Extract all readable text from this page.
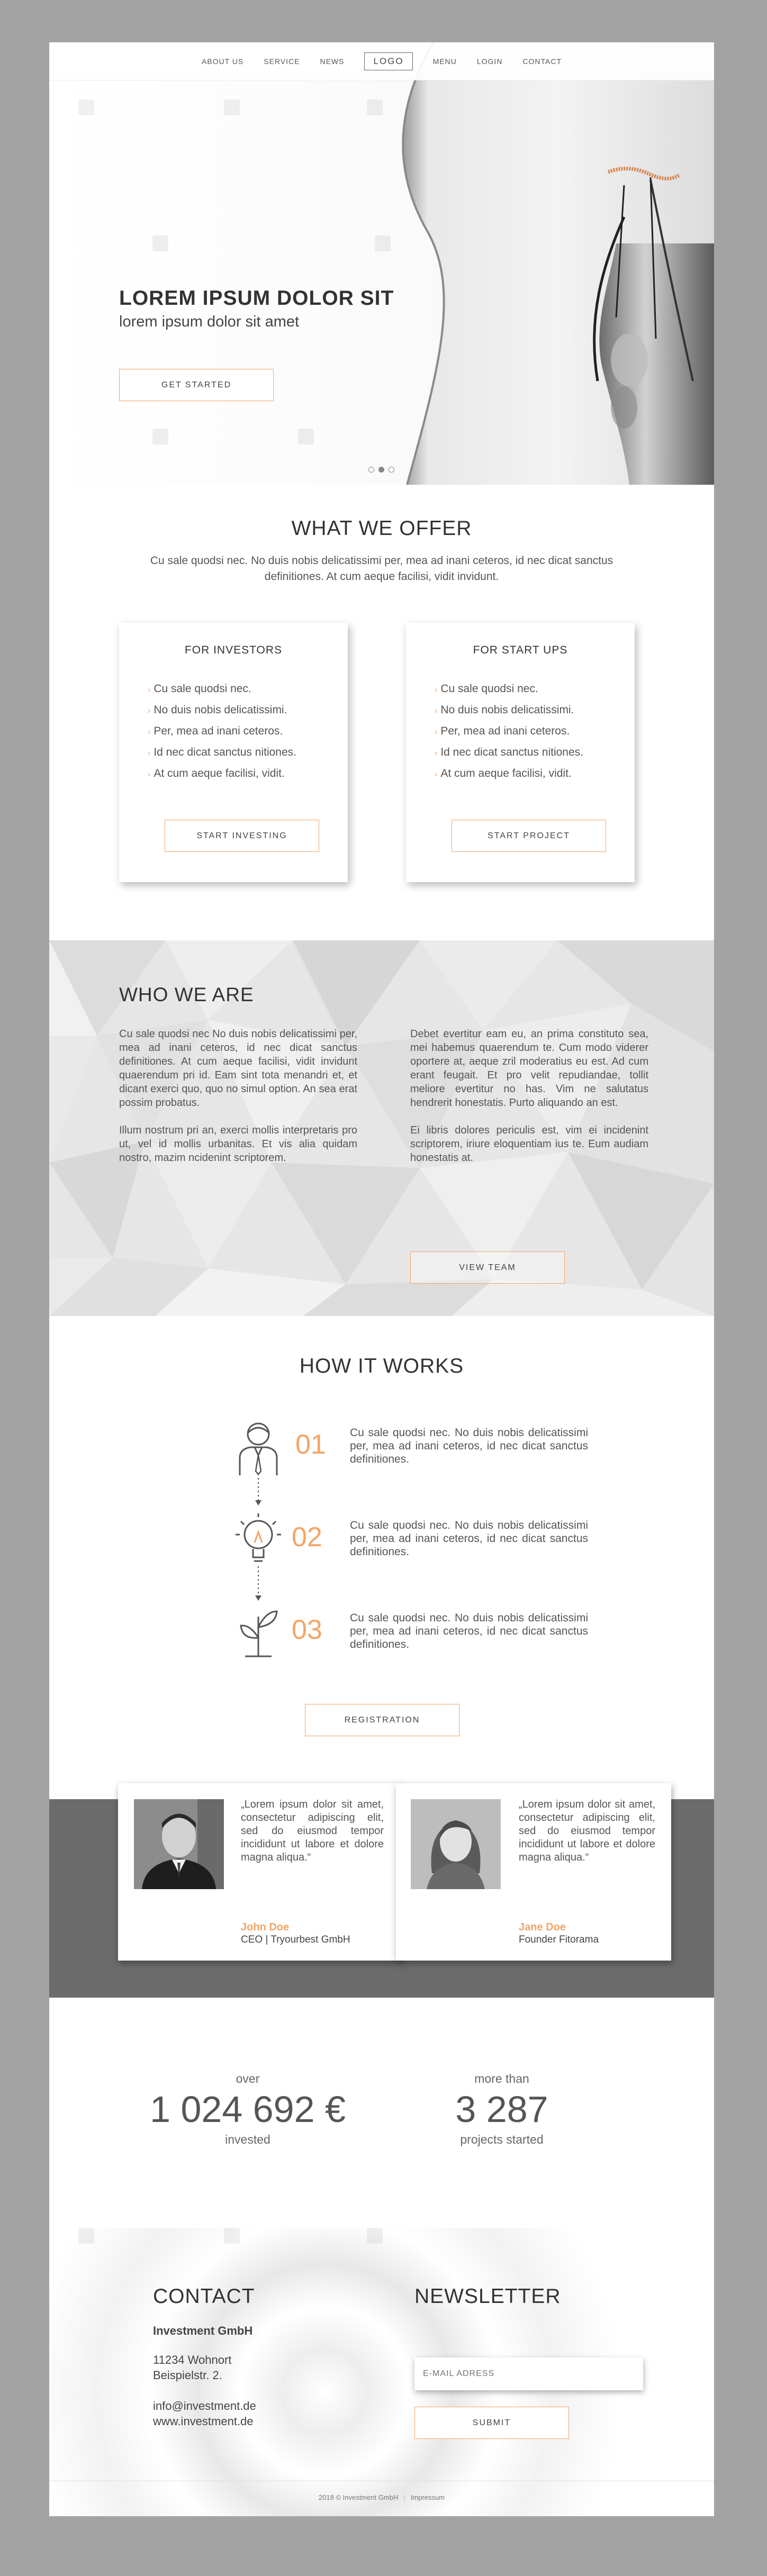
LOREM IPSUM DOLOR SIT
lorem ipsum dolor sit amet
GET STARTED
ABOUT US	SERVICE	NEWS	LOGO	MENU	LOGIN	CONTACT
WHAT WE OFFER
Cu sale quodsi nec. No duis nobis delicatissimi per, mea ad inani ceteros, id nec dicat sanctus definitiones. At cum aeque facilisi, vidit invidunt.
FOR INVESTORS
› Cu sale quodsi nec.
› No duis nobis delicatissimi.
› Per, mea ad inani ceteros.
› Id nec dicat sanctus nitiones.
› At cum aeque facilisi, vidit.
START INVESTING
FOR START UPS
› Cu sale quodsi nec.
› No duis nobis delicatissimi.
› Per, mea ad inani ceteros.
› Id nec dicat sanctus nitiones.
› At cum aeque facilisi, vidit.
START PROJECT
WHO WE ARE

Cu sale quodsi nec No duis nobis delicatissimi per, mea ad inani ceteros, id nec dicat sanctus definitiones. At cum aeque facilisi, vidit invidunt quaerendum pri id. Eam sint tota menandri et, et dicant exerci quo, quo no simul option. An sea erat possim probatus.

Illum nostrum pri an, exerci mollis interpretaris pro ut, vel id mollis urbanitas. Et vis alia quidam nostro, mazim ncidenint scriptorem.

Debet evertitur eam eu, an prima constituto sea, mei habemus quaerendum te. Cum modo viderer oportere at, aeque zril moderatius eu est. Ad cum erant feugait. Et pro velit repudiandae, tollit meliore evertitur no has. Vim ne salutatus hendrerit honestatis. Purto aliquando an est.

Ei libris dolores periculis est, vim ei incidenint scriptorem, iriure eloquentiam ius te. Eum audiam honestatis at.

VIEW TEAM
HOW IT WORKS
01 Cu sale quodsi nec. No duis nobis delicatissimi per, mea ad inani ceteros, id nec dicat sanctus definitiones.
02 Cu sale quodsi nec. No duis nobis delicatissimi per, mea ad inani ceteros, id nec dicat sanctus definitiones.
03 Cu sale quodsi nec. No duis nobis delicatissimi per, mea ad inani ceteros, id nec dicat sanctus definitiones.
REGISTRATION
„Lorem ipsum dolor sit amet, consectetur adipiscing elit, sed do eiusmod tempor incididunt ut labore et dolore magna aliqua.“
John Doe
CEO | Tryourbest GmbH
„Lorem ipsum dolor sit amet, consectetur adipiscing elit, sed do eiusmod tempor incididunt ut labore et dolore magna aliqua.“
Jane Doe
Founder Fitorama
over
1 024 692 €
invested
more than
3 287
projects started
CONTACT
Investment GmbH
11234 Wohnort
Beispielstr. 2.
info@investment.de
www.investment.de
NEWSLETTER
E-MAIL ADRESS
SUBMIT
2018 © Investment GmbH | Impressum
